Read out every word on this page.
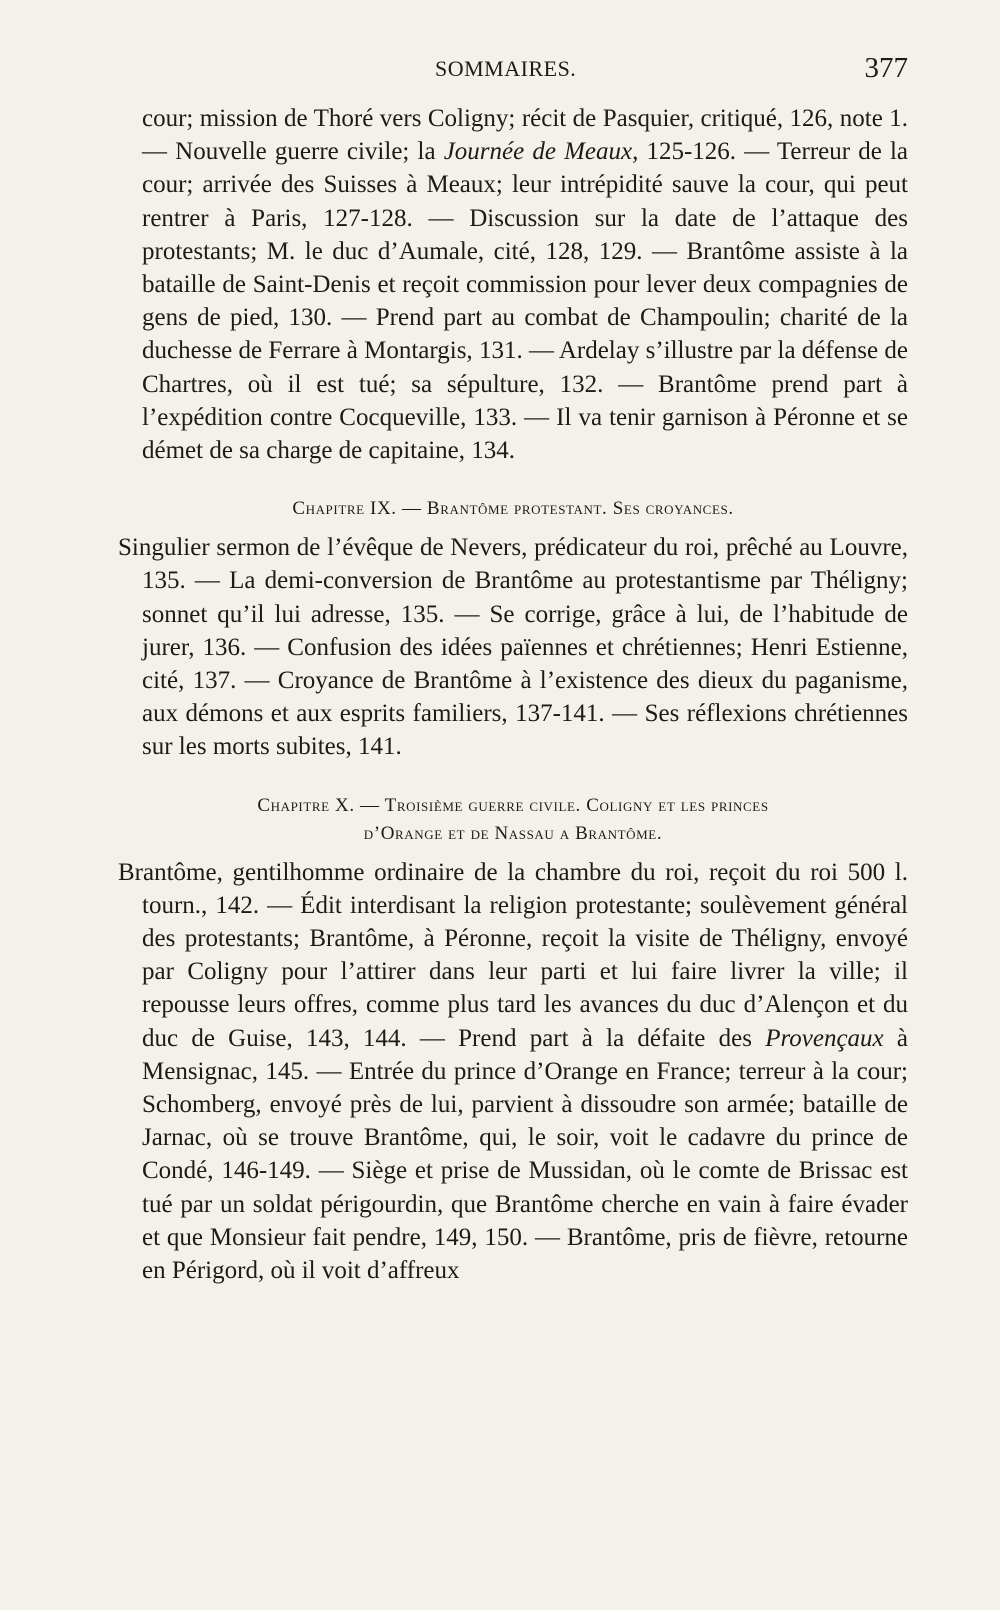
SOMMAIRES.	377

cour; mission de Thoré vers Coligny; récit de Pasquier, critiqué, 126, note 1. — Nouvelle guerre civile; la Journée de Meaux, 125-126. — Terreur de la cour; arrivée des Suisses à Meaux; leur intrépidité sauve la cour, qui peut rentrer à Paris, 127-128. — Discussion sur la date de l’attaque des protestants; M. le duc d’Aumale, cité, 128, 129. — Brantôme assiste à la bataille de Saint-Denis et reçoit commission pour lever deux compagnies de gens de pied, 130. — Prend part au combat de Champoulin; charité de la duchesse de Ferrare à Montargis, 131. — Ardelay s’illustre par la défense de Chartres, où il est tué; sa sépulture, 132. — Brantôme prend part à l’expédition contre Cocqueville, 133. — Il va tenir garnison à Péronne et se démet de sa charge de capitaine, 134.

Chapitre IX. — Brantôme protestant. Ses croyances.

Singulier sermon de l’évêque de Nevers, prédicateur du roi, prêché au Louvre, 135. — La demi-conversion de Brantôme au protestantisme par Théligny; sonnet qu’il lui adresse, 135. — Se corrige, grâce à lui, de l’habitude de jurer, 136. — Confusion des idées païennes et chrétiennes; Henri Estienne, cité, 137. — Croyance de Brantôme à l’existence des dieux du paganisme, aux démons et aux esprits familiers, 137-141. — Ses réflexions chrétiennes sur les morts subites, 141.

Chapitre X. — Troisième guerre civile. Coligny et les princes
d’Orange et de Nassau a Brantôme.

Brantôme, gentilhomme ordinaire de la chambre du roi, reçoit du roi 500 l. tourn., 142. — Édit interdisant la religion protestante; soulèvement général des protestants; Brantôme, à Péronne, reçoit la visite de Théligny, envoyé par Coligny pour l’attirer dans leur parti et lui faire livrer la ville; il repousse leurs offres, comme plus tard les avances du duc d’Alençon et du duc de Guise, 143, 144. — Prend part à la défaite des Provençaux à Mensignac, 145. — Entrée du prince d’Orange en France; terreur à la cour; Schomberg, envoyé près de lui, parvient à dissoudre son armée; bataille de Jarnac, où se trouve Brantôme, qui, le soir, voit le cadavre du prince de Condé, 146-149. — Siège et prise de Mussidan, où le comte de Brissac est tué par un soldat périgourdin, que Brantôme cherche en vain à faire évader et que Monsieur fait pendre, 149, 150. — Brantôme, pris de fièvre, retourne en Périgord, où il voit d’affreux
